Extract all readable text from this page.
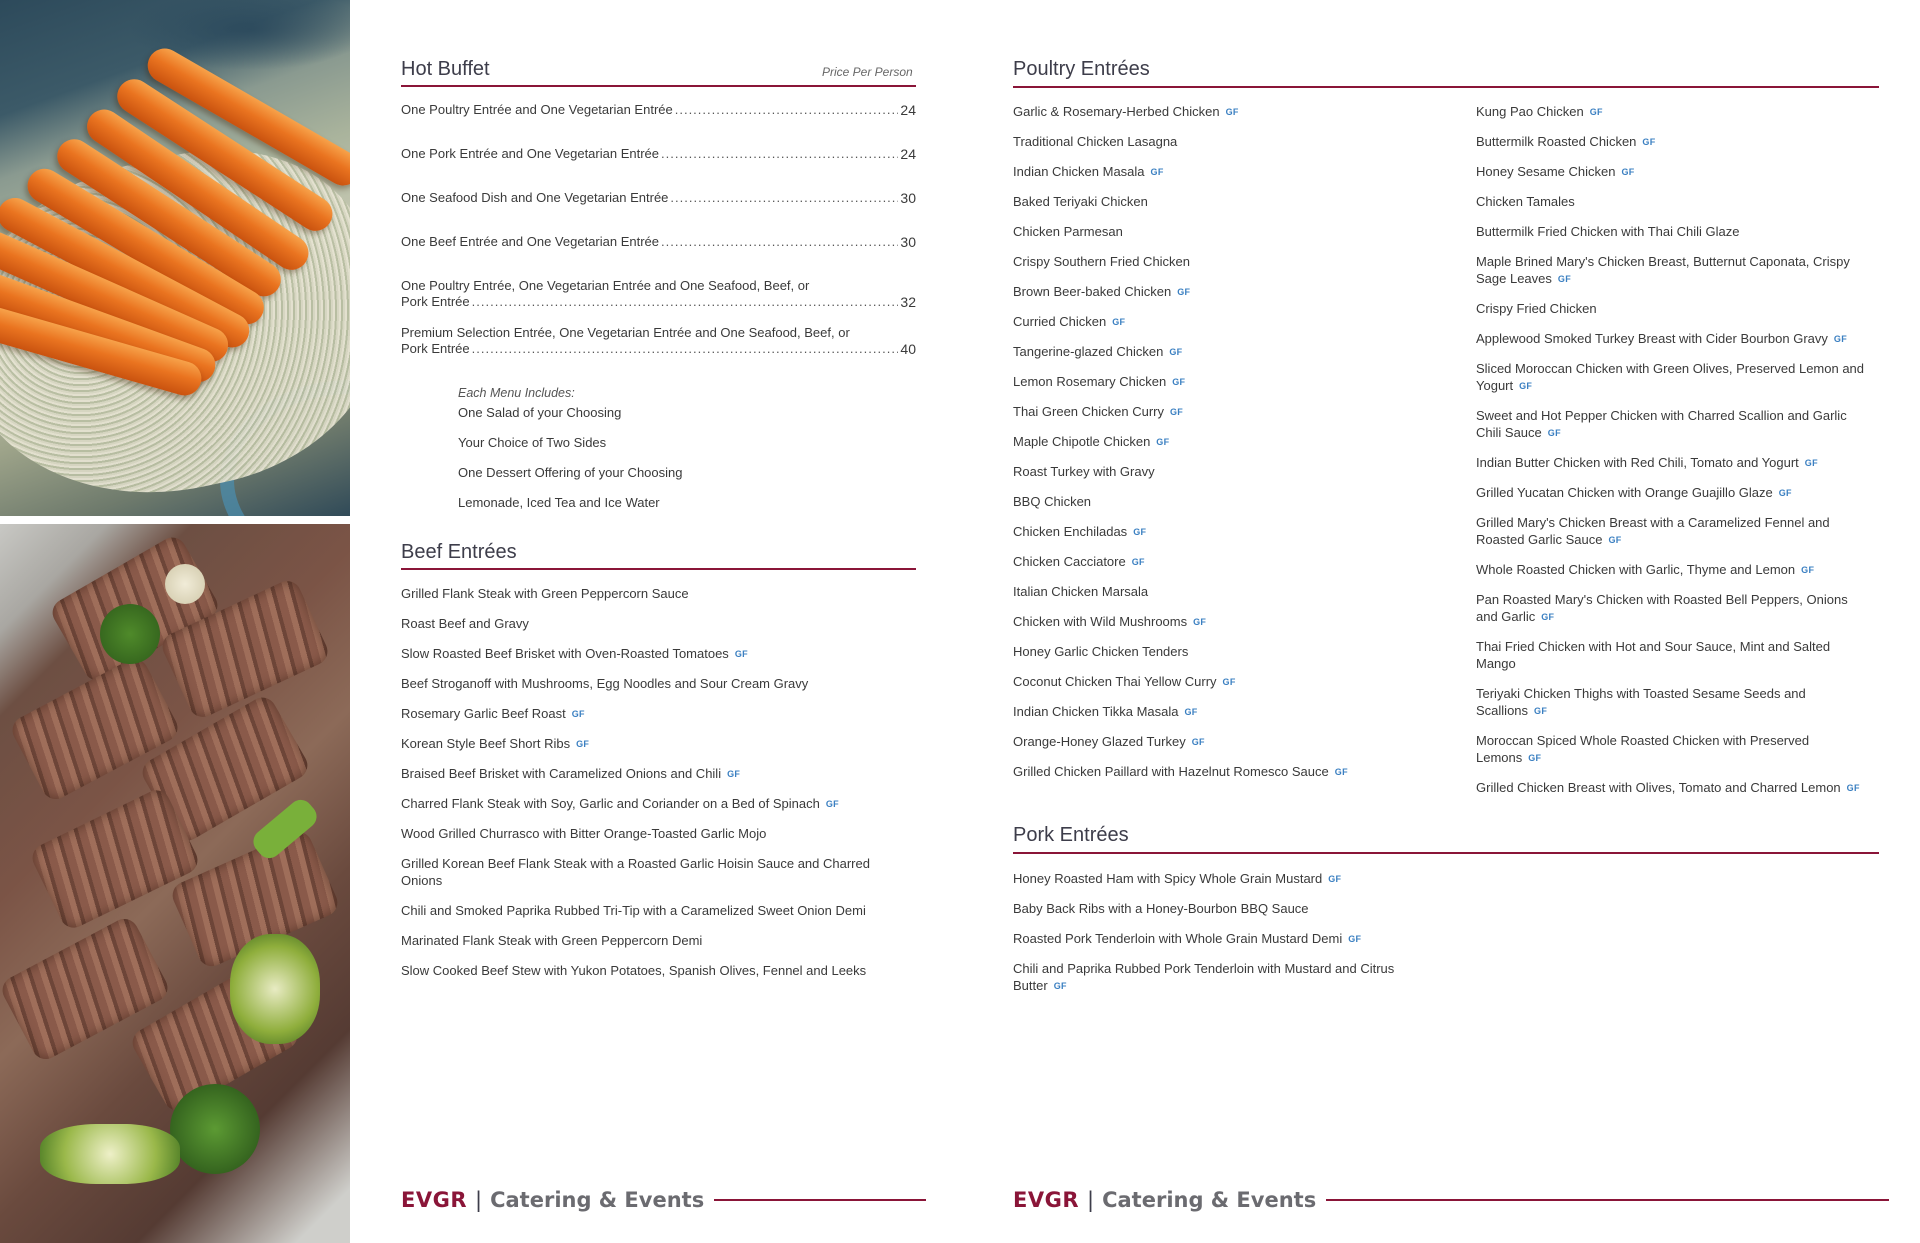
Hot Buffet	Price Per Person
One Poultry Entrée and One Vegetarian Entrée .....	24
One Pork Entrée and One Vegetarian Entrée .....	24
One Seafood Dish and One Vegetarian Entrée .....	30
One Beef Entrée and One Vegetarian Entrée .....	30
One Poultry Entrée, One Vegetarian Entrée and One Seafood, Beef, or
Pork Entrée .....	32
Premium Selection Entrée, One Vegetarian Entrée and One Seafood, Beef, or
Pork Entrée .....	40
Each Menu Includes:
One Salad of your Choosing
Your Choice of Two Sides
One Dessert Offering of your Choosing
Lemonade, Iced Tea and Ice Water
Beef Entrées
Grilled Flank Steak with Green Peppercorn Sauce
Roast Beef and Gravy
Slow Roasted Beef Brisket with Oven-Roasted Tomatoes GF
Beef Stroganoff with Mushrooms, Egg Noodles and Sour Cream Gravy
Rosemary Garlic Beef Roast GF
Korean Style Beef Short Ribs GF
Braised Beef Brisket with Caramelized Onions and Chili GF
Charred Flank Steak with Soy, Garlic and Coriander on a Bed of Spinach GF
Wood Grilled Churrasco with Bitter Orange-Toasted Garlic Mojo
Grilled Korean Beef Flank Steak with a Roasted Garlic Hoisin Sauce and Charred
Onions
Chili and Smoked Paprika Rubbed Tri-Tip with a Caramelized Sweet Onion Demi
Marinated Flank Steak with Green Peppercorn Demi
Slow Cooked Beef Stew with Yukon Potatoes, Spanish Olives, Fennel and Leeks
Poultry Entrées
Garlic & Rosemary-Herbed Chicken GF
Traditional Chicken Lasagna
Indian Chicken Masala GF
Baked Teriyaki Chicken
Chicken Parmesan
Crispy Southern Fried Chicken
Brown Beer-baked Chicken GF
Curried Chicken GF
Tangerine-glazed Chicken GF
Lemon Rosemary Chicken GF
Thai Green Chicken Curry GF
Maple Chipotle Chicken GF
Roast Turkey with Gravy
BBQ Chicken
Chicken Enchiladas GF
Chicken Cacciatore GF
Italian Chicken Marsala
Chicken with Wild Mushrooms GF
Honey Garlic Chicken Tenders
Coconut Chicken Thai Yellow Curry GF
Indian Chicken Tikka Masala GF
Orange-Honey Glazed Turkey GF
Grilled Chicken Paillard with Hazelnut Romesco Sauce GF
Kung Pao Chicken GF
Buttermilk Roasted Chicken GF
Honey Sesame Chicken GF
Chicken Tamales
Buttermilk Fried Chicken with Thai Chili Glaze
Maple Brined Mary's Chicken Breast, Butternut Caponata, Crispy
Sage Leaves GF
Crispy Fried Chicken
Applewood Smoked Turkey Breast with Cider Bourbon Gravy GF
Sliced Moroccan Chicken with Green Olives, Preserved Lemon and
Yogurt GF
Sweet and Hot Pepper Chicken with Charred Scallion and Garlic
Chili Sauce GF
Indian Butter Chicken with Red Chili, Tomato and Yogurt GF
Grilled Yucatan Chicken with Orange Guajillo Glaze GF
Grilled Mary's Chicken Breast with a Caramelized Fennel and
Roasted Garlic Sauce GF
Whole Roasted Chicken with Garlic, Thyme and Lemon GF
Pan Roasted Mary's Chicken with Roasted Bell Peppers, Onions
and Garlic GF
Thai Fried Chicken with Hot and Sour Sauce, Mint and Salted
Mango
Teriyaki Chicken Thighs with Toasted Sesame Seeds and
Scallions GF
Moroccan Spiced Whole Roasted Chicken with Preserved
Lemons GF
Grilled Chicken Breast with Olives, Tomato and Charred Lemon GF
Pork Entrées
Honey Roasted Ham with Spicy Whole Grain Mustard GF
Baby Back Ribs with a Honey-Bourbon BBQ Sauce
Roasted Pork Tenderloin with Whole Grain Mustard Demi GF
Chili and Paprika Rubbed Pork Tenderloin with Mustard and Citrus
Butter GF
EVGR | Catering & Events	EVGR | Catering & Events
